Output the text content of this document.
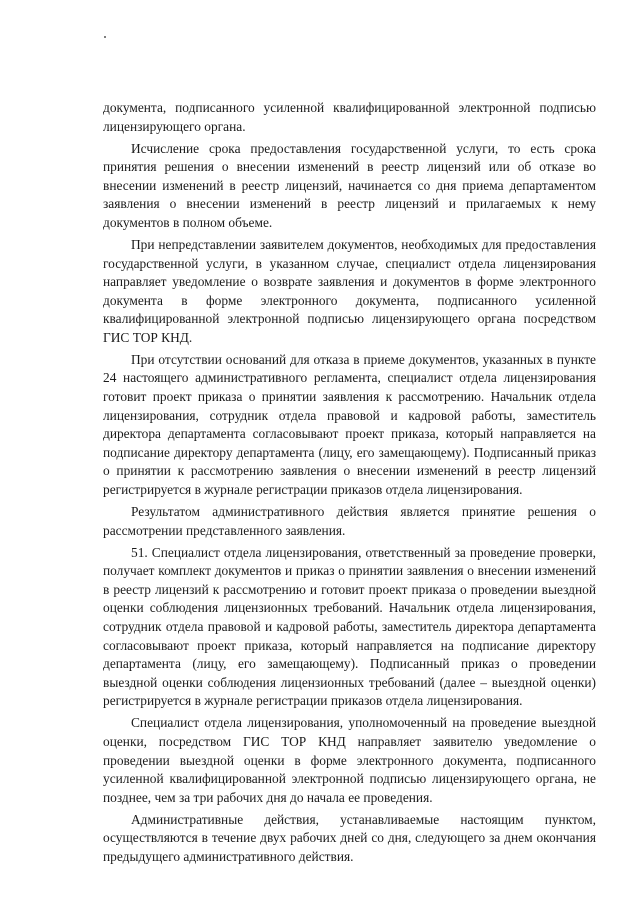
документа, подписанного усиленной квалифицированной электронной подписью лицензирующего органа.

Исчисление срока предоставления государственной услуги, то есть срока принятия решения о внесении изменений в реестр лицензий или об отказе во внесении изменений в реестр лицензий, начинается со дня приема департаментом заявления о внесении изменений в реестр лицензий и прилагаемых к нему документов в полном объеме.

При непредставлении заявителем документов, необходимых для предоставления государственной услуги, в указанном случае, специалист отдела лицензирования направляет уведомление о возврате заявления и документов в форме электронного документа в форме электронного документа, подписанного усиленной квалифицированной электронной подписью лицензирующего органа посредством ГИС ТОР КНД.

При отсутствии оснований для отказа в приеме документов, указанных в пункте 24 настоящего административного регламента, специалист отдела лицензирования готовит проект приказа о принятии заявления к рассмотрению. Начальник отдела лицензирования, сотрудник отдела правовой и кадровой работы, заместитель директора департамента согласовывают проект приказа, который направляется на подписание директору департамента (лицу, его замещающему). Подписанный приказ о принятии к рассмотрению заявления о внесении изменений в реестр лицензий регистрируется в журнале регистрации приказов отдела лицензирования.

Результатом административного действия является принятие решения о рассмотрении представленного заявления.

51. Специалист отдела лицензирования, ответственный за проведение проверки, получает комплект документов и приказ о принятии заявления о внесении изменений в реестр лицензий к рассмотрению и готовит проект приказа о проведении выездной оценки соблюдения лицензионных требований. Начальник отдела лицензирования, сотрудник отдела правовой и кадровой работы, заместитель директора департамента согласовывают проект приказа, который направляется на подписание директору департамента (лицу, его замещающему). Подписанный приказ о проведении выездной оценки соблюдения лицензионных требований (далее – выездной оценки) регистрируется в журнале регистрации приказов отдела лицензирования.

Специалист отдела лицензирования, уполномоченный на проведение выездной оценки, посредством ГИС ТОР КНД направляет заявителю уведомление о проведении выездной оценки в форме электронного документа, подписанного усиленной квалифицированной электронной подписью лицензирующего органа, не позднее, чем за три рабочих дня до начала ее проведения.

Административные действия, устанавливаемые настоящим пунктом, осуществляются в течение двух рабочих дней со дня, следующего за днем окончания предыдущего административного действия.
